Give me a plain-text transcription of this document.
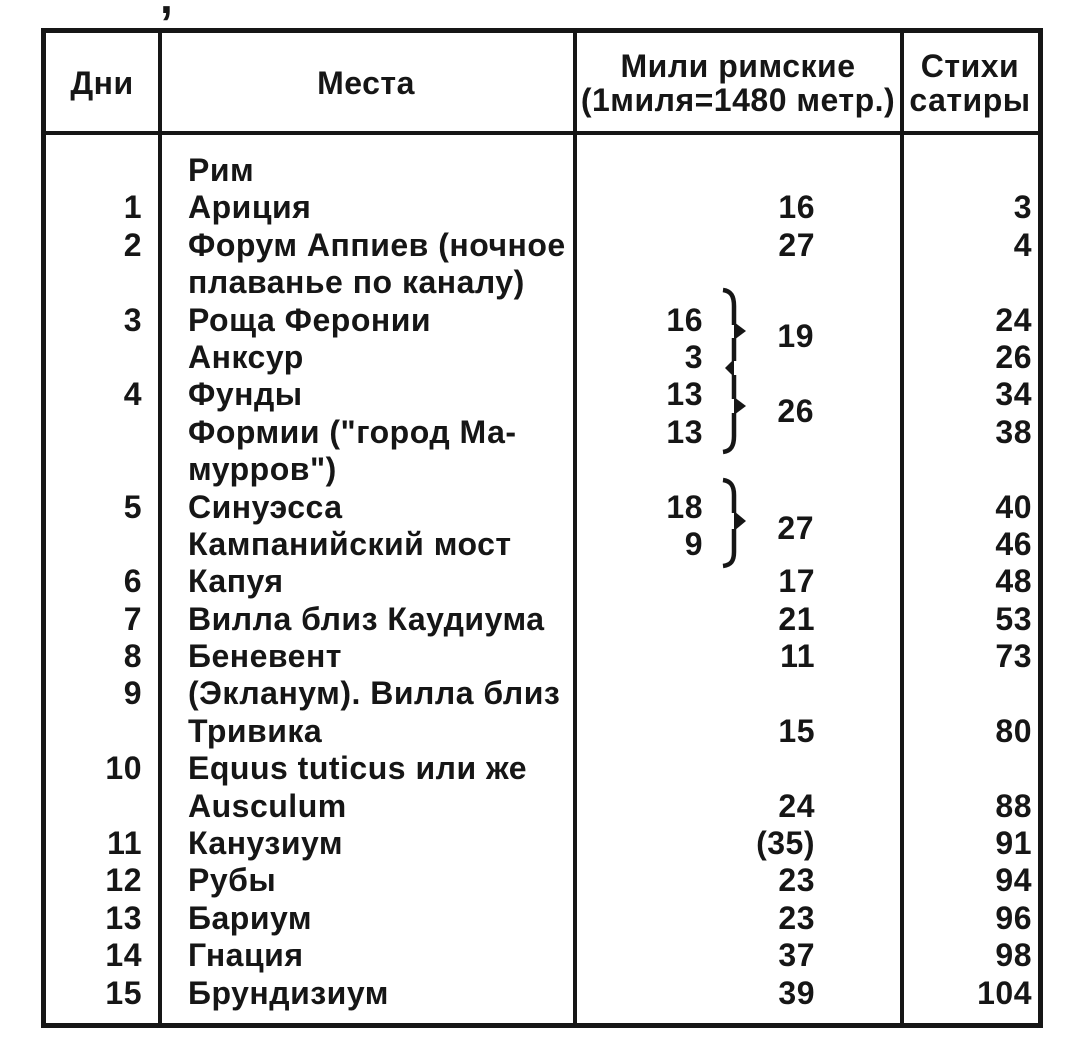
Дни	Места	Мили римские
(1миля=1480 метр.)
Стихи
сатиры
Рим
1	Ариция	16	3
2	Форум Аппиев (ночное	27	4
плаванье по каналу)
3	Роща Феронии	16	24
Анксур	3	26
4	Фунды	13	34
Формии ("город Ма-	13	38
мурров")
5	Синуэсса	18	40
Кампанийский мост	9	46
6	Капуя	17	48
7	Вилла близ Каудиума	21	53
8	Беневент	11	73
9	(Экланум). Вилла близ
Тривика	15	80
10	Equus tuticus или же
Ausculum	24	88
11	Канузиум	(35)	91
12	Рубы	23	94
13	Бариум	23	96
14	Гнация	37	98
15	Брундизиум	39	104
19
26
27
